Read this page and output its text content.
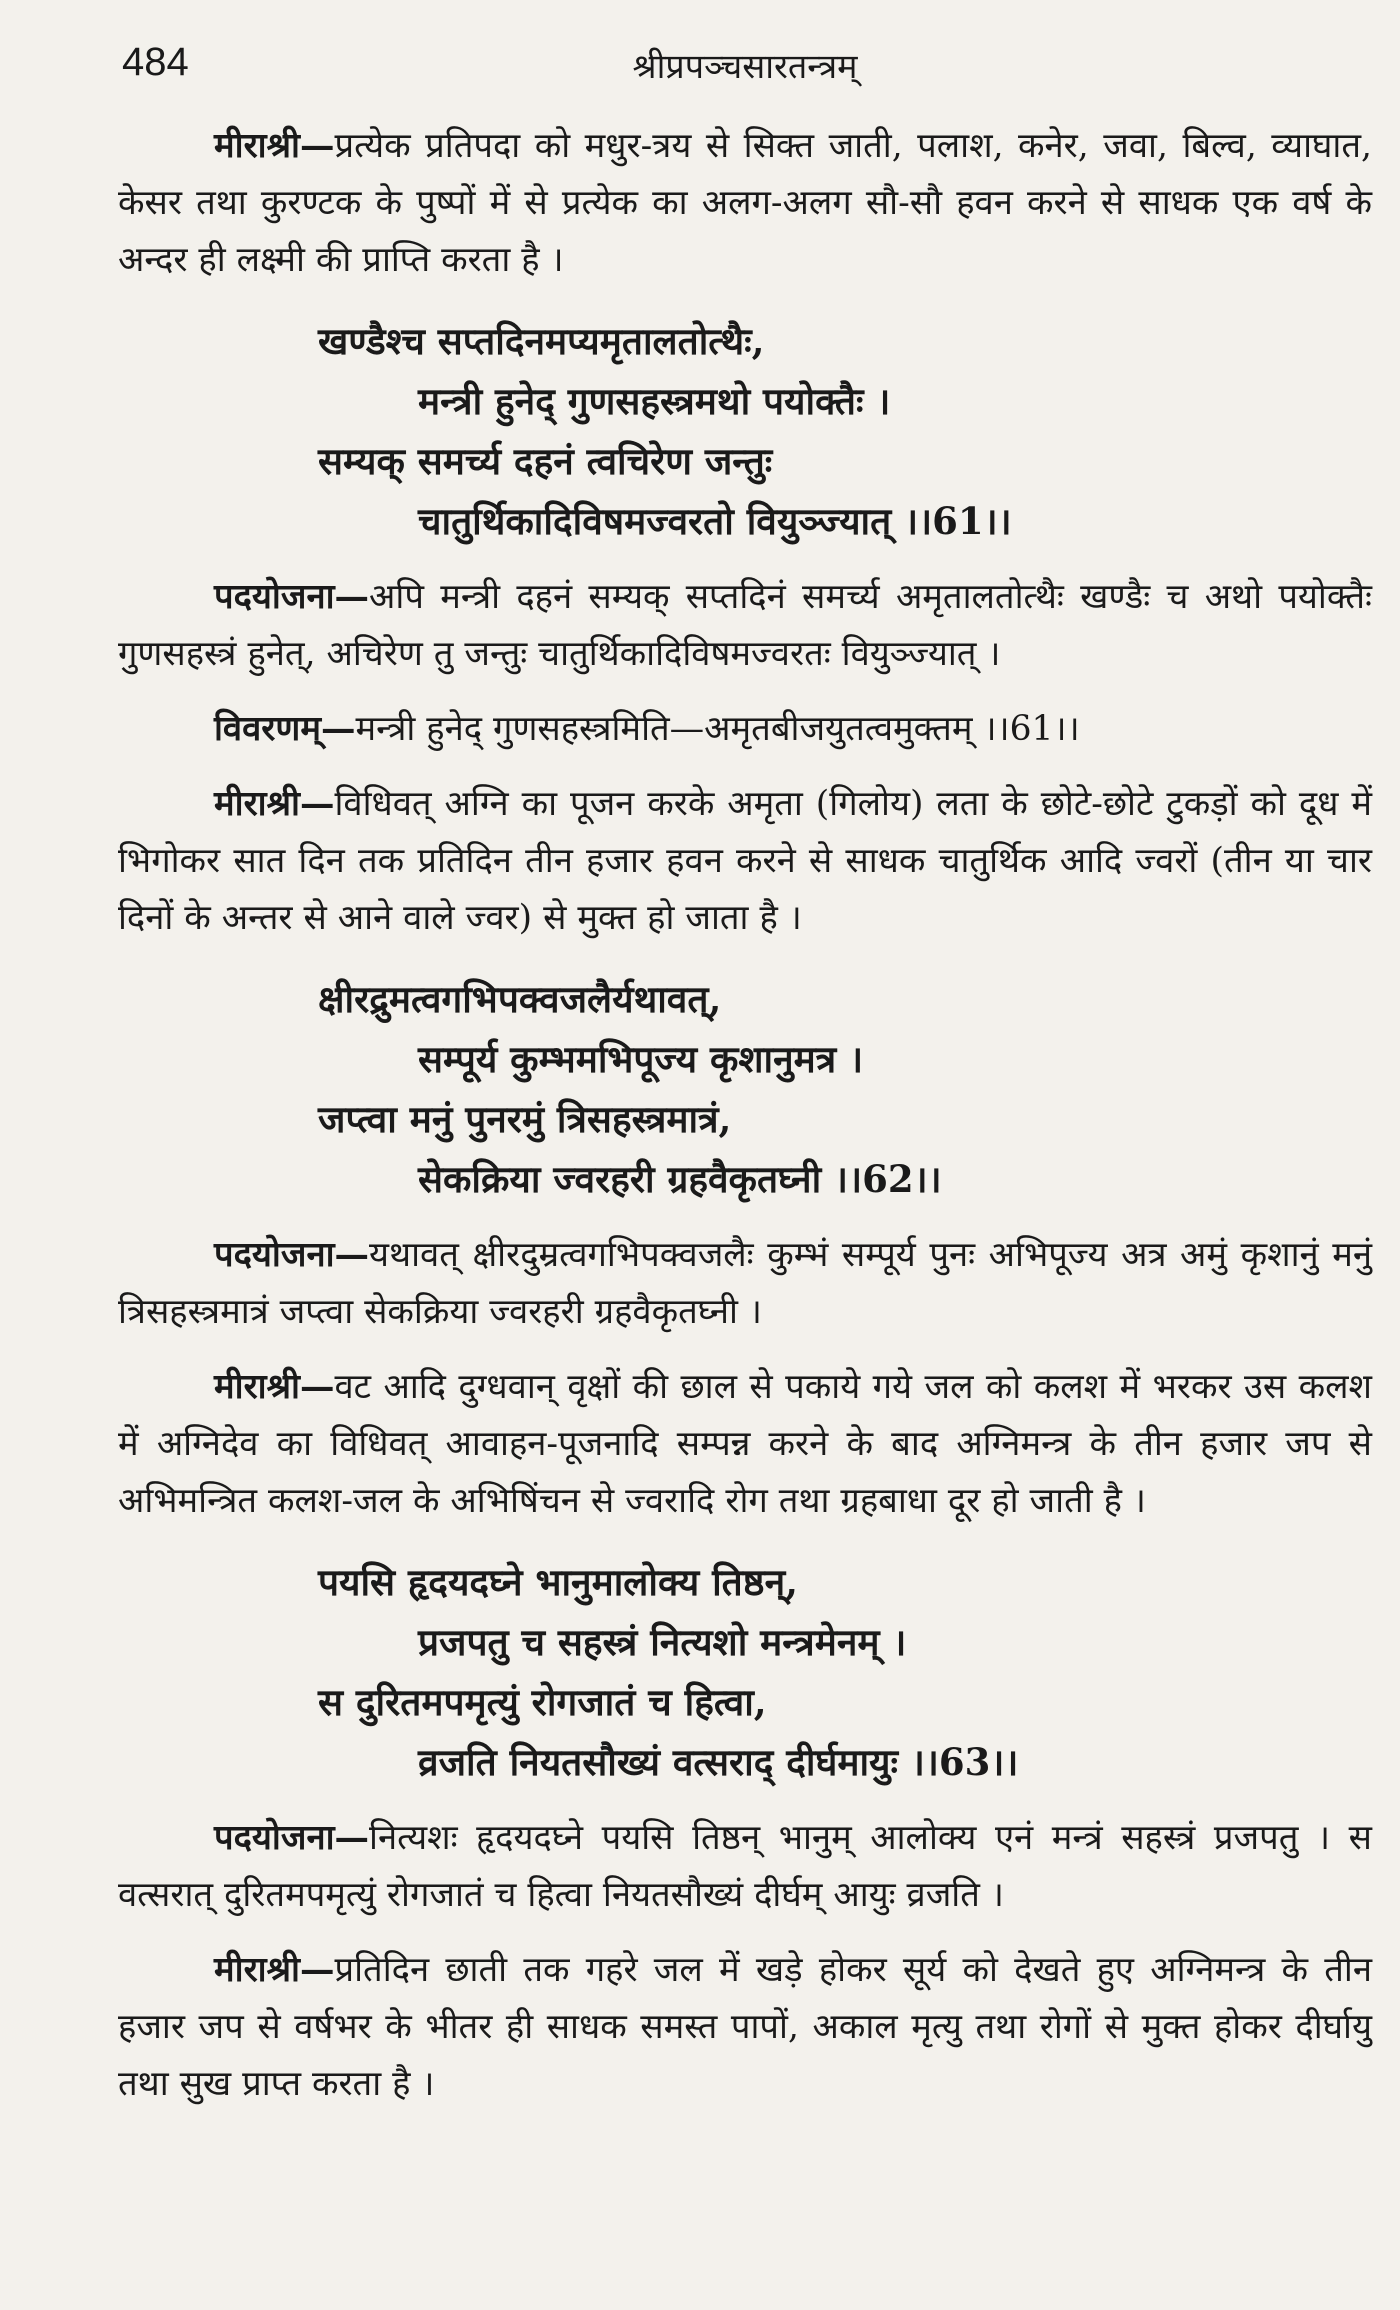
484	श्रीप्रपञ्चसारतन्त्रम्

मीराश्री—प्रत्येक प्रतिपदा को मधुर-त्रय से सिक्त जाती, पलाश, कनेर, जवा, बिल्व, व्याघात, केसर तथा कुरण्टक के पुष्पों में से प्रत्येक का अलग-अलग सौ-सौ हवन करने से साधक एक वर्ष के अन्दर ही लक्ष्मी की प्राप्ति करता है ।

खण्डैश्च सप्तदिनमप्यमृतालतोत्थैः,
मन्त्री हुनेद् गुणसहस्त्रमथो पयोक्तैः ।
सम्यक् समर्च्य दहनं त्वचिरेण जन्तुः
चातुर्थिकादिविषमज्वरतो वियुञ्ज्यात् ।।61।।

पदयोजना—अपि मन्त्री दहनं सम्यक् सप्तदिनं समर्च्य अमृतालतोत्थैः खण्डैः च अथो पयोक्तैः गुणसहस्त्रं हुनेत्, अचिरेण तु जन्तुः चातुर्थिकादिविषमज्वरतः वियुञ्ज्यात् ।

विवरणम्—मन्त्री हुनेद् गुणसहस्त्रमिति—अमृतबीजयुतत्वमुक्तम् ।।61।।

मीराश्री—विधिवत् अग्नि का पूजन करके अमृता (गिलोय) लता के छोटे-छोटे टुकड़ों को दूध में भिगोकर सात दिन तक प्रतिदिन तीन हजार हवन करने से साधक चातुर्थिक आदि ज्वरों (तीन या चार दिनों के अन्तर से आने वाले ज्वर) से मुक्त हो जाता है ।

क्षीरद्रुमत्वगभिपक्वजलैर्यथावत्,
सम्पूर्य कुम्भमभिपूज्य कृशानुमत्र ।
जप्त्वा मनुं पुनरमुं त्रिसहस्त्रमात्रं,
सेकक्रिया ज्वरहरी ग्रहवैकृतघ्नी ।।62।।

पदयोजना—यथावत् क्षीरदुम्रत्वगभिपक्वजलैः कुम्भं सम्पूर्य पुनः अभिपूज्य अत्र अमुं कृशानुं मनुं त्रिसहस्त्रमात्रं जप्त्वा सेकक्रिया ज्वरहरी ग्रहवैकृतघ्नी ।

मीराश्री—वट आदि दुग्धवान् वृक्षों की छाल से पकाये गये जल को कलश में भरकर उस कलश में अग्निदेव का विधिवत् आवाहन-पूजनादि सम्पन्न करने के बाद अग्निमन्त्र के तीन हजार जप से अभिमन्त्रित कलश-जल के अभिषिंचन से ज्वरादि रोग तथा ग्रहबाधा दूर हो जाती है ।

पयसि हृदयदघ्ने भानुमालोक्य तिष्ठन्,
प्रजपतु च सहस्त्रं नित्यशो मन्त्रमेनम् ।
स दुरितमपमृत्युं रोगजातं च हित्वा,
व्रजति नियतसौख्यं वत्सराद् दीर्घमायुः ।।63।।

पदयोजना—नित्यशः हृदयदघ्ने पयसि तिष्ठन् भानुम् आलोक्य एनं मन्त्रं सहस्त्रं प्रजपतु । स वत्सरात् दुरितमपमृत्युं रोगजातं च हित्वा नियतसौख्यं दीर्घम् आयुः व्रजति ।

मीराश्री—प्रतिदिन छाती तक गहरे जल में खड़े होकर सूर्य को देखते हुए अग्निमन्त्र के तीन हजार जप से वर्षभर के भीतर ही साधक समस्त पापों, अकाल मृत्यु तथा रोगों से मुक्त होकर दीर्घायु तथा सुख प्राप्त करता है ।
